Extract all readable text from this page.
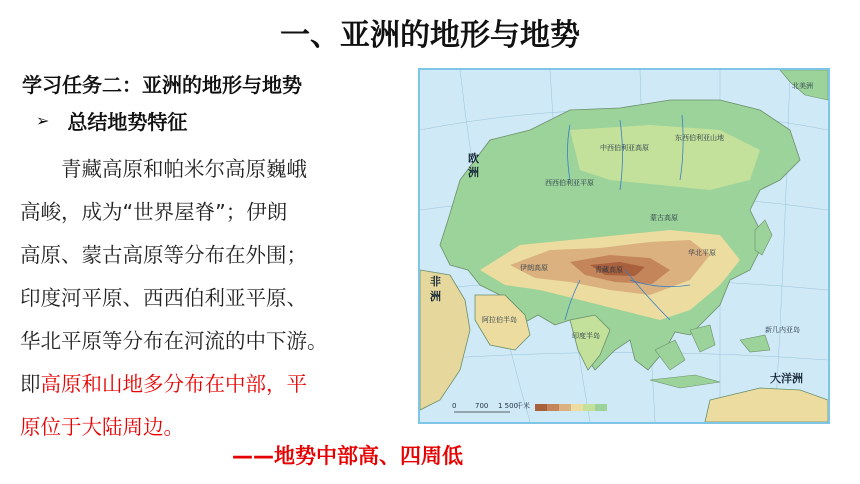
一、亚洲的地形与地势
学习任务二：亚洲的地形与地势
➢ 总结地势特征

　　青藏高原和帕米尔高原巍峨

高峻，成为“世界屋脊”；伊朗

高原、蒙古高原等分布在外围；

印度河平原、西西伯利亚平原、

华北平原等分布在河流的中下游。

即高原和山地多分布在中部，平

原位于大陆周边。

——地势中部高、四周低
北美洲
欧
洲
非
洲
西西伯利亚平原
中西伯利亚高原
东西伯利亚山地
蒙古高原
青藏高原
伊朗高原
印度半岛
阿拉伯半岛
华北平原
大洋洲
新几内亚岛
0	700 1 500
千米
